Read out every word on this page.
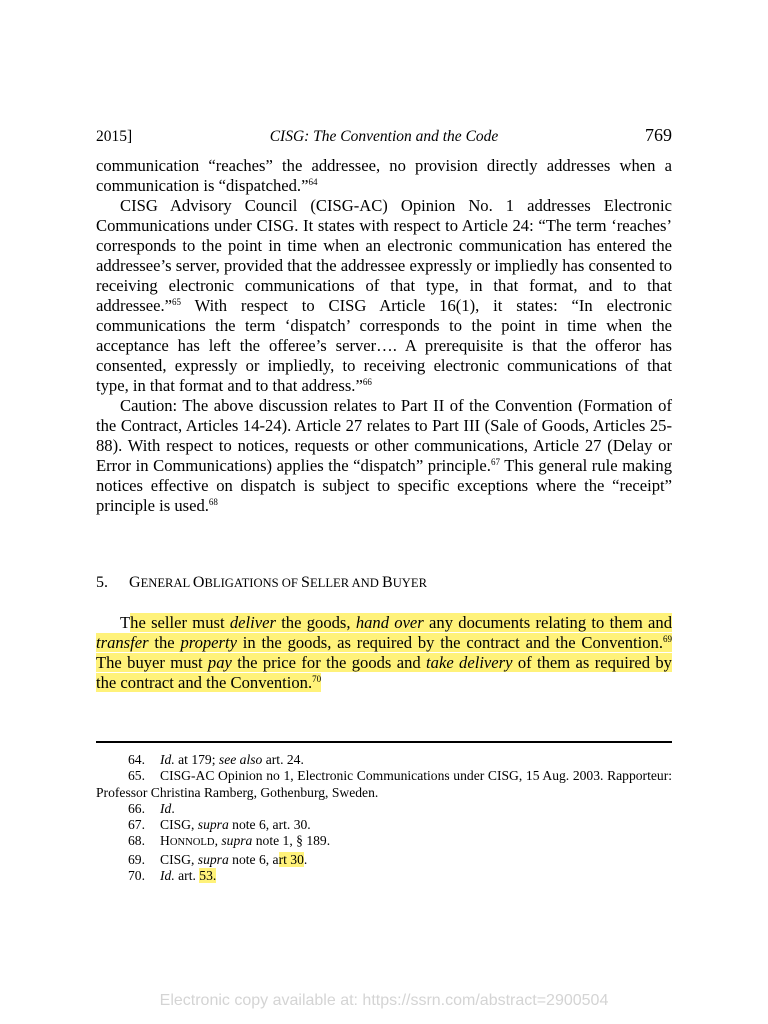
2015]	CISG: The Convention and the Code	769

communication “reaches” the addressee, no provision directly addresses when a communication is “dispatched.”$^{64}$

CISG Advisory Council (CISG-AC) Opinion No. 1 addresses Electronic Communications under CISG. It states with respect to Article 24: “The term ‘reaches’ corresponds to the point in time when an electronic communication has entered the addressee’s server, provided that the addressee expressly or impliedly has consented to receiving electronic communications of that type, in that format, and to that addressee.”$^{65}$ With respect to CISG Article 16(1), it states: “In electronic communications the term ‘dispatch’ corresponds to the point in time when the acceptance has left the offeree’s server…. A prerequisite is that the offeror has consented, expressly or impliedly, to receiving electronic communications of that type, in that format and to that address.”$^{66}$

Caution: The above discussion relates to Part II of the Convention (Formation of the Contract, Articles 14-24). Article 27 relates to Part III (Sale of Goods, Articles 25-88). With respect to notices, requests or other communications, Article 27 (Delay or Error in Communications) applies the “dispatch” principle.$^{67}$ This general rule making notices effective on dispatch is subject to specific exceptions where the “receipt” principle is used.$^{68}$

5. GENERAL OBLIGATIONS OF SELLER AND BUYER

The seller must deliver the goods, hand over any documents relating to them and transfer the property in the goods, as required by the contract and the Convention.$^{69}$ The buyer must pay the price for the goods and take delivery of them as required by the contract and the Convention.$^{70}$

64. Id. at 179; see also art. 24.

65. CISG-AC Opinion no 1, Electronic Communications under CISG, 15 Aug. 2003. Rapporteur: Professor Christina Ramberg, Gothenburg, Sweden.

66. Id.

67. CISG, supra note 6, art. 30.

68. HONNOLD, supra note 1, § 189.

69. CISG, supra note 6, art 30.

70. Id. art. 53.

Electronic copy available at: https://ssrn.com/abstract=2900504
